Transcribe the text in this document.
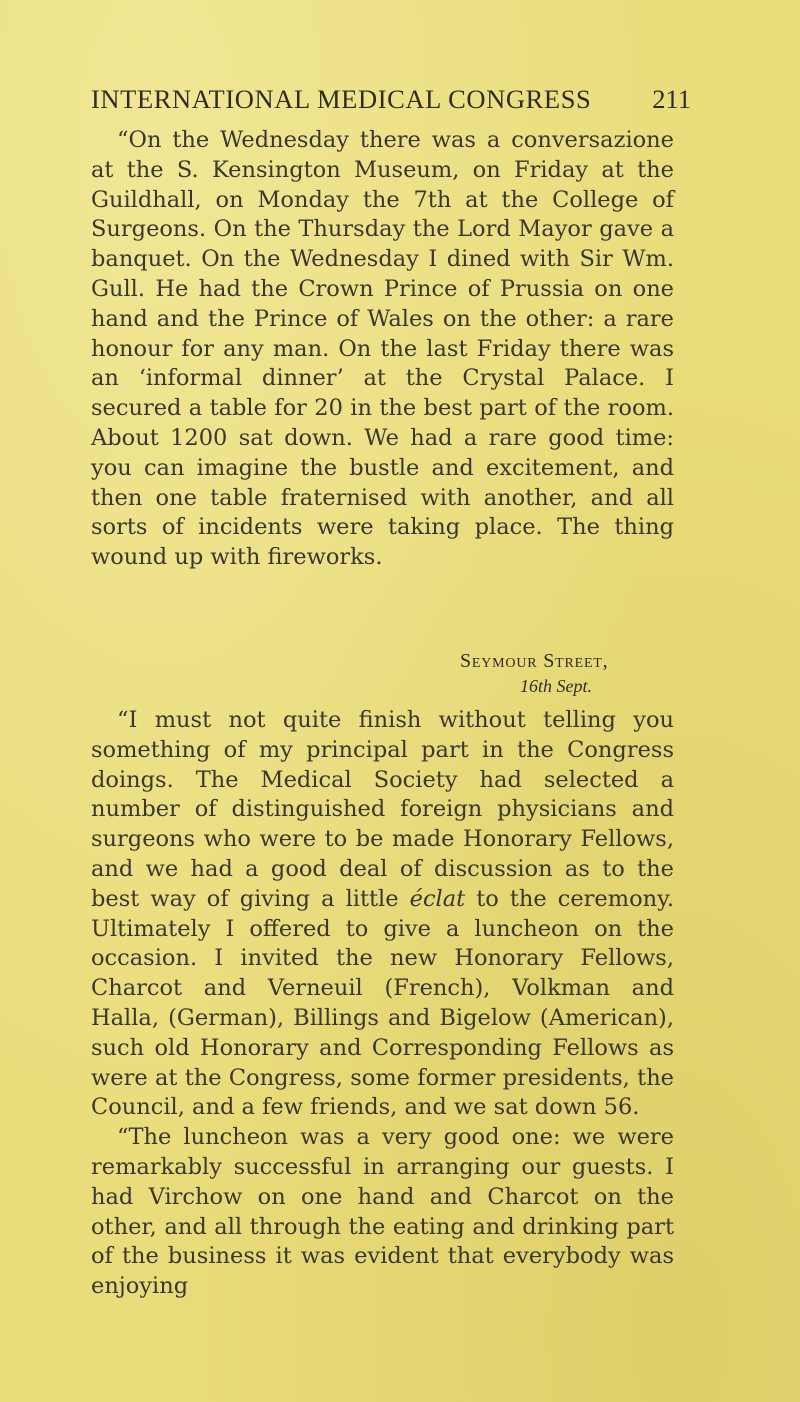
INTERNATIONAL MEDICAL CONGRESS 211

“On the Wednesday there was a conversazione at the S. Kensington Museum, on Friday at the Guildhall, on Monday the 7th at the College of Surgeons. On the Thursday the Lord Mayor gave a banquet. On the Wednesday I dined with Sir Wm. Gull. He had the Crown Prince of Prussia on one hand and the Prince of Wales on the other: a rare honour for any man. On the last Friday there was an ‘informal dinner’ at the Crystal Palace. I secured a table for 20 in the best part of the room. About 1200 sat down. We had a rare good time: you can imagine the bustle and excitement, and then one table fraternised with another, and all sorts of incidents were taking place. The thing wound up with fireworks.

Seymour Street,
16th Sept.

“I must not quite finish without telling you something of my principal part in the Congress doings. The Medical Society had selected a number of distinguished foreign physicians and surgeons who were to be made Honorary Fellows, and we had a good deal of discussion as to the best way of giving a little éclat to the ceremony. Ultimately I offered to give a luncheon on the occasion. I invited the new Honorary Fellows, Charcot and Verneuil (French), Volkman and Halla, (German), Billings and Bigelow (American), such old Honorary and Corresponding Fellows as were at the Congress, some former presidents, the Council, and a few friends, and we sat down 56.

“The luncheon was a very good one: we were remarkably successful in arranging our guests. I had Virchow on one hand and Charcot on the other, and all through the eating and drinking part of the business it was evident that everybody was enjoying
